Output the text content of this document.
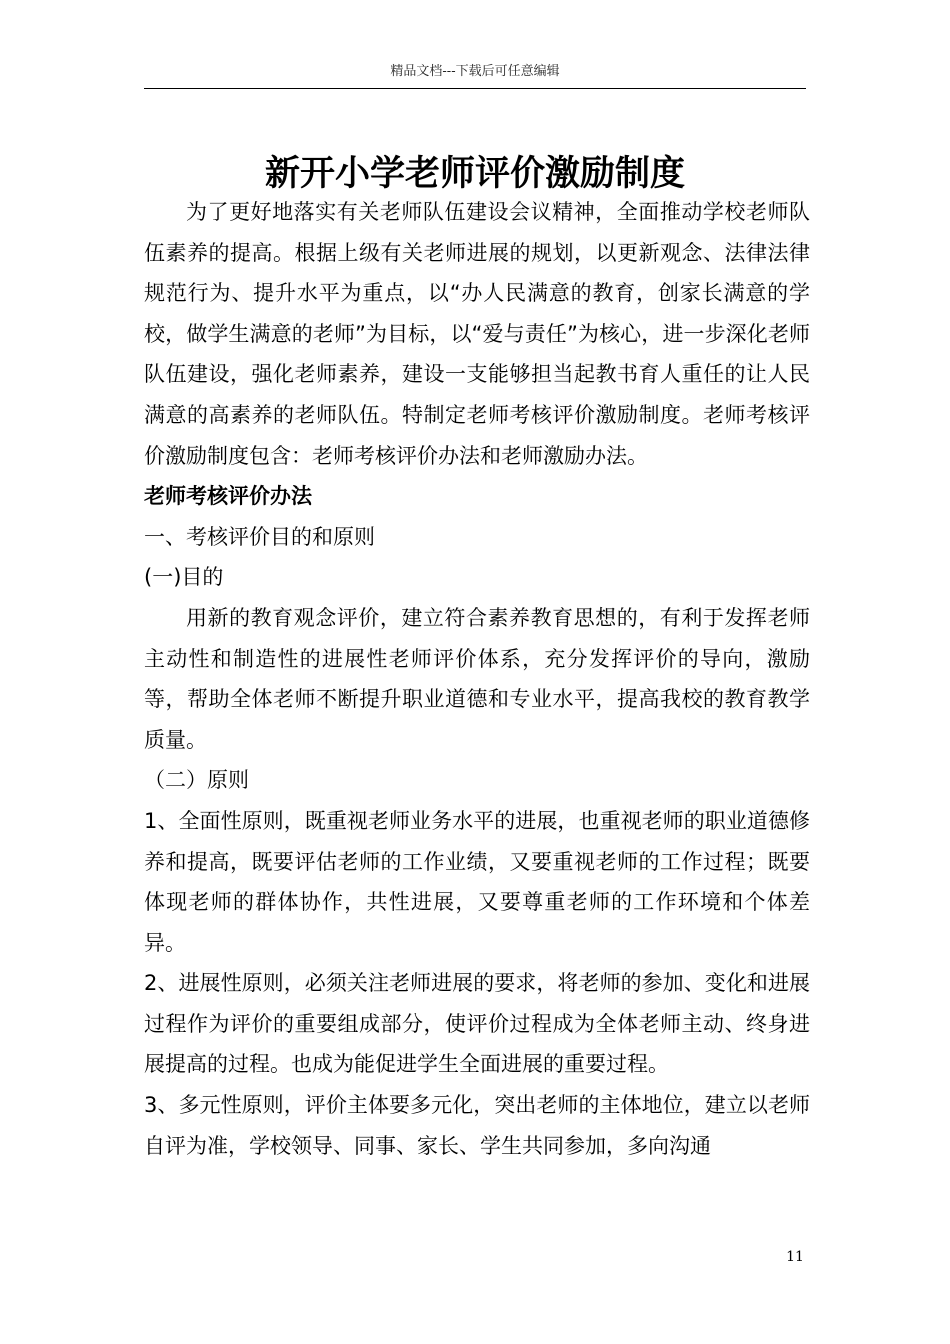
精品文档---下载后可任意编辑
新开小学老师评价激励制度

为了更好地落实有关老师队伍建设会议精神，全面推动学校老师队伍素养的提高。根据上级有关老师进展的规划，以更新观念、法律法律规范行为、提升水平为重点，以“办人民满意的教育，创家长满意的学校，做学生满意的老师”为目标，以“爱与责任”为核心，进一步深化老师队伍建设，强化老师素养，建设一支能够担当起教书育人重任的让人民满意的高素养的老师队伍。特制定老师考核评价激励制度。老师考核评价激励制度包含：老师考核评价办法和老师激励办法。

老师考核评价办法

一、考核评价目的和原则

(一)目的

用新的教育观念评价，建立符合素养教育思想的，有利于发挥老师主动性和制造性的进展性老师评价体系，充分发挥评价的导向，激励等，帮助全体老师不断提升职业道德和专业水平，提高我校的教育教学质量。

（二）原则

1、全面性原则，既重视老师业务水平的进展，也重视老师的职业道德修养和提高，既要评估老师的工作业绩，又要重视老师的工作过程；既要体现老师的群体协作，共性进展，又要尊重老师的工作环境和个体差异。

2、进展性原则，必须关注老师进展的要求，将老师的参加、变化和进展过程作为评价的重要组成部分，使评价过程成为全体老师主动、终身进展提高的过程。也成为能促进学生全面进展的重要过程。

3、多元性原则，评价主体要多元化，突出老师的主体地位，建立以老师自评为准，学校领导、同事、家长、学生共同参加，多向沟通

11
